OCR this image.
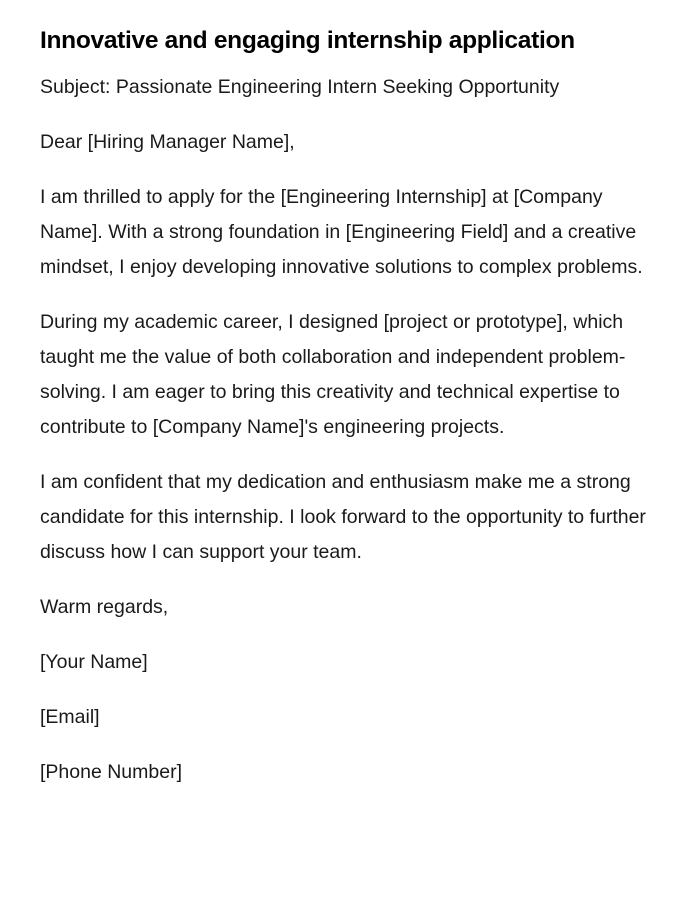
Innovative and engaging internship application

Subject: Passionate Engineering Intern Seeking Opportunity

Dear [Hiring Manager Name],

I am thrilled to apply for the [Engineering Internship] at [Company Name]. With a strong foundation in [Engineering Field] and a creative mindset, I enjoy developing innovative solutions to complex problems.

During my academic career, I designed [project or prototype], which taught me the value of both collaboration and independent problem-solving. I am eager to bring this creativity and technical expertise to contribute to [Company Name]'s engineering projects.

I am confident that my dedication and enthusiasm make me a strong candidate for this internship. I look forward to the opportunity to further discuss how I can support your team.

Warm regards,

[Your Name]

[Email]

[Phone Number]
